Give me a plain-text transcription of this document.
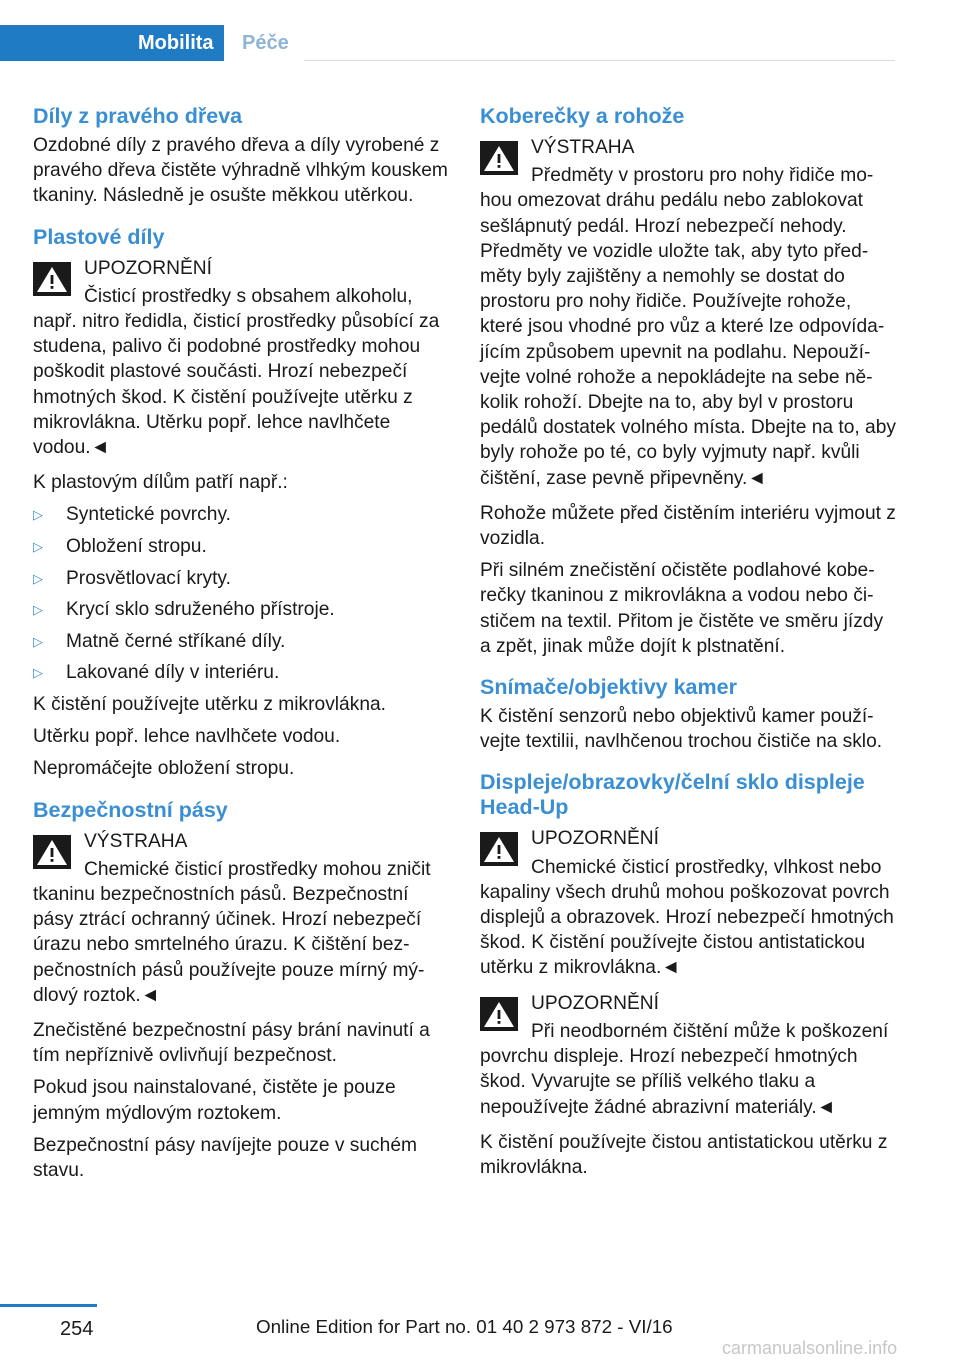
Mobilita	Péče
Díly z pravého dřeva

Ozdobné díly z pravého dřeva a díly vyrobené z pravého dřeva čistěte výhradně vlhkým kouskem tkaniny. Následně je osušte měkkou utěrkou.

Plastové díly
UPOZORNĚNÍ

Čisticí prostředky s obsahem alkoholu, např. nitro ředidla, čisticí prostředky působící za studena, palivo či podobné prostředky mohou poškodit plastové součásti. Hrozí nebezpečí hmotných škod. K čistění používejte utěrku z mikrovlákna. Utěrku popř. lehce navlhčete vodou.◄

K plastovým dílům patří např.:

▷ Syntetické povrchy.
▷ Obložení stropu.
▷ Prosvětlovací kryty.
▷ Krycí sklo sdruženého přístroje.
▷ Matně černé stříkané díly.
▷ Lakované díly v interiéru.

K čistění používejte utěrku z mikrovlákna.

Utěrku popř. lehce navlhčete vodou.

Nepromáčejte obložení stropu.

Bezpečnostní pásy
VÝSTRAHA

Chemické čisticí prostředky mohou zničit tkaninu bezpečnostních pásů. Bezpečnostní pásy ztrácí ochranný účinek. Hrozí nebezpečí úrazu nebo smrtelného úrazu. K čištění bezpečnostních pásů používejte pouze mírný mýdlový roztok.◄

Znečistěné bezpečnostní pásy brání navinutí a tím nepříznivě ovlivňují bezpečnost.

Pokud jsou nainstalované, čistěte je pouze jemným mýdlovým roztokem.

Bezpečnostní pásy navíjejte pouze v suchém stavu.

Koberečky a rohože
VÝSTRAHA

Předměty v prostoru pro nohy řidiče mohou omezovat dráhu pedálu nebo zablokovat sešlápnutý pedál. Hrozí nebezpečí nehody. Předměty ve vozidle uložte tak, aby tyto předměty byly zajištěny a nemohly se dostat do prostoru pro nohy řidiče. Používejte rohože, které jsou vhodné pro vůz a které lze odpovídajícím způsobem upevnit na podlahu. Nepoužívejte volné rohože a nepokládejte na sebe několik rohoží. Dbejte na to, aby byl v prostoru pedálů dostatek volného místa. Dbejte na to, aby byly rohože po té, co byly vyjmuty např. kvůli čištění, zase pevně připevněny.◄

Rohože můžete před čistěním interiéru vyjmout z vozidla.

Při silném znečistění očistěte podlahové koberečky tkaninou z mikrovlákna a vodou nebo čističem na textil. Přitom je čistěte ve směru jízdy a zpět, jinak může dojít k plstnatění.

Snímače/objektivy kamer

K čistění senzorů nebo objektivů kamer používejte textilii, navlhčenou trochou čističe na sklo.

Displeje/obrazovky/čelní sklo displeje Head-Up
UPOZORNĚNÍ

Chemické čisticí prostředky, vlhkost nebo kapaliny všech druhů mohou poškozovat povrch displejů a obrazovek. Hrozí nebezpečí hmotných škod. K čistění používejte čistou antistatickou utěrku z mikrovlákna.◄

UPOZORNĚNÍ

Při neodborném čištění může k poškození povrchu displeje. Hrozí nebezpečí hmotných škod. Vyvarujte se příliš velkého tlaku a nepoužívejte žádné abrazivní materiály.◄

K čistění používejte čistou antistatickou utěrku z mikrovlákna.

254	Online Edition for Part no. 01 40 2 973 872 - VI/16
carmanualsonline.info
